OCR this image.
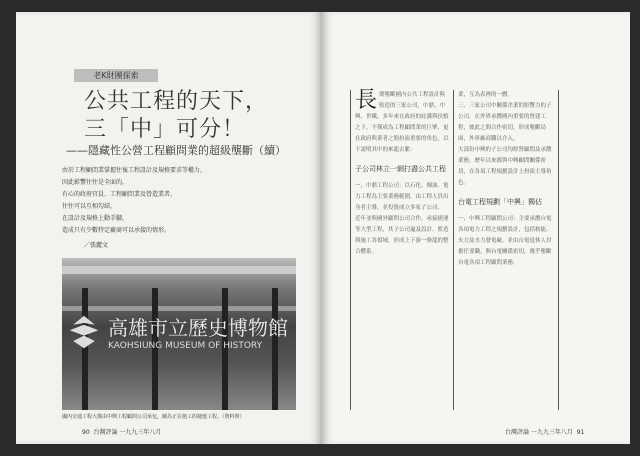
老K財團探索
公共工程的天下，
三「中」可分！
——隱藏性公營工程顧問業的超級壟斷（續）
由於工程顧問業掌握往後工程設計及規格要求等權力，
因此影響往往是全面的，
有心的政府官員、工程顧問業及營造業者，
往往可以互相勾結，
在設計及規格上動手腳，
造成只有少數特定廠商可以承接的情形。
／張麗文
國內交通工程大都由中興工程顧問公司承包，圖為正在施工的捷運工程。（資料照）
90 台灣評論 一九九三年八月

長期壟斷國內公共工程設計與監造的三家公司，中鼎、中興、世曦，多年來在政府的庇護與扶植之下，不僅成為工程顧問業的巨擘，更在政府與業者之間扮演重要的角色，以下說明其中的來龍去脈：

子公司林立一網打盡公共工程

一、中鼎工程公司：以石化、煉油、電力工程為主要業務範圍，由工程人員出身者主導，並投資成立多家子公司。

近年並與國外顧問公司合作，承接捷運等大型工程，其子公司遍及設計、監造與施工各領域，形成上下游一條龍的整合體系。

業，互為表裡的一體。

三、三家公司中關係企業的影響力的子公司，在外界承攬國內重要的營建工程，彼此之間合作密切，形成壟斷局面，外界廠商難以介入。

大部份中興的子公司均經營顧問及承攬業務，歷年以來都與中興顧問關係密切，在各項工程規劃設計上扮演主導角色。

台電工程規劃「中興」獨佔

一、中興工程顧問公司：主要承攬台電各項電力工程之規劃設計，包括核能、火力及水力發電廠，並由台電退休人員擔任要職，與台電關係密切，幾乎壟斷台電各項工程顧問業務。

台灣評論 一九九三年八月 91
高雄市立歷史博物館
KAOHSIUNG MUSEUM OF HISTORY
